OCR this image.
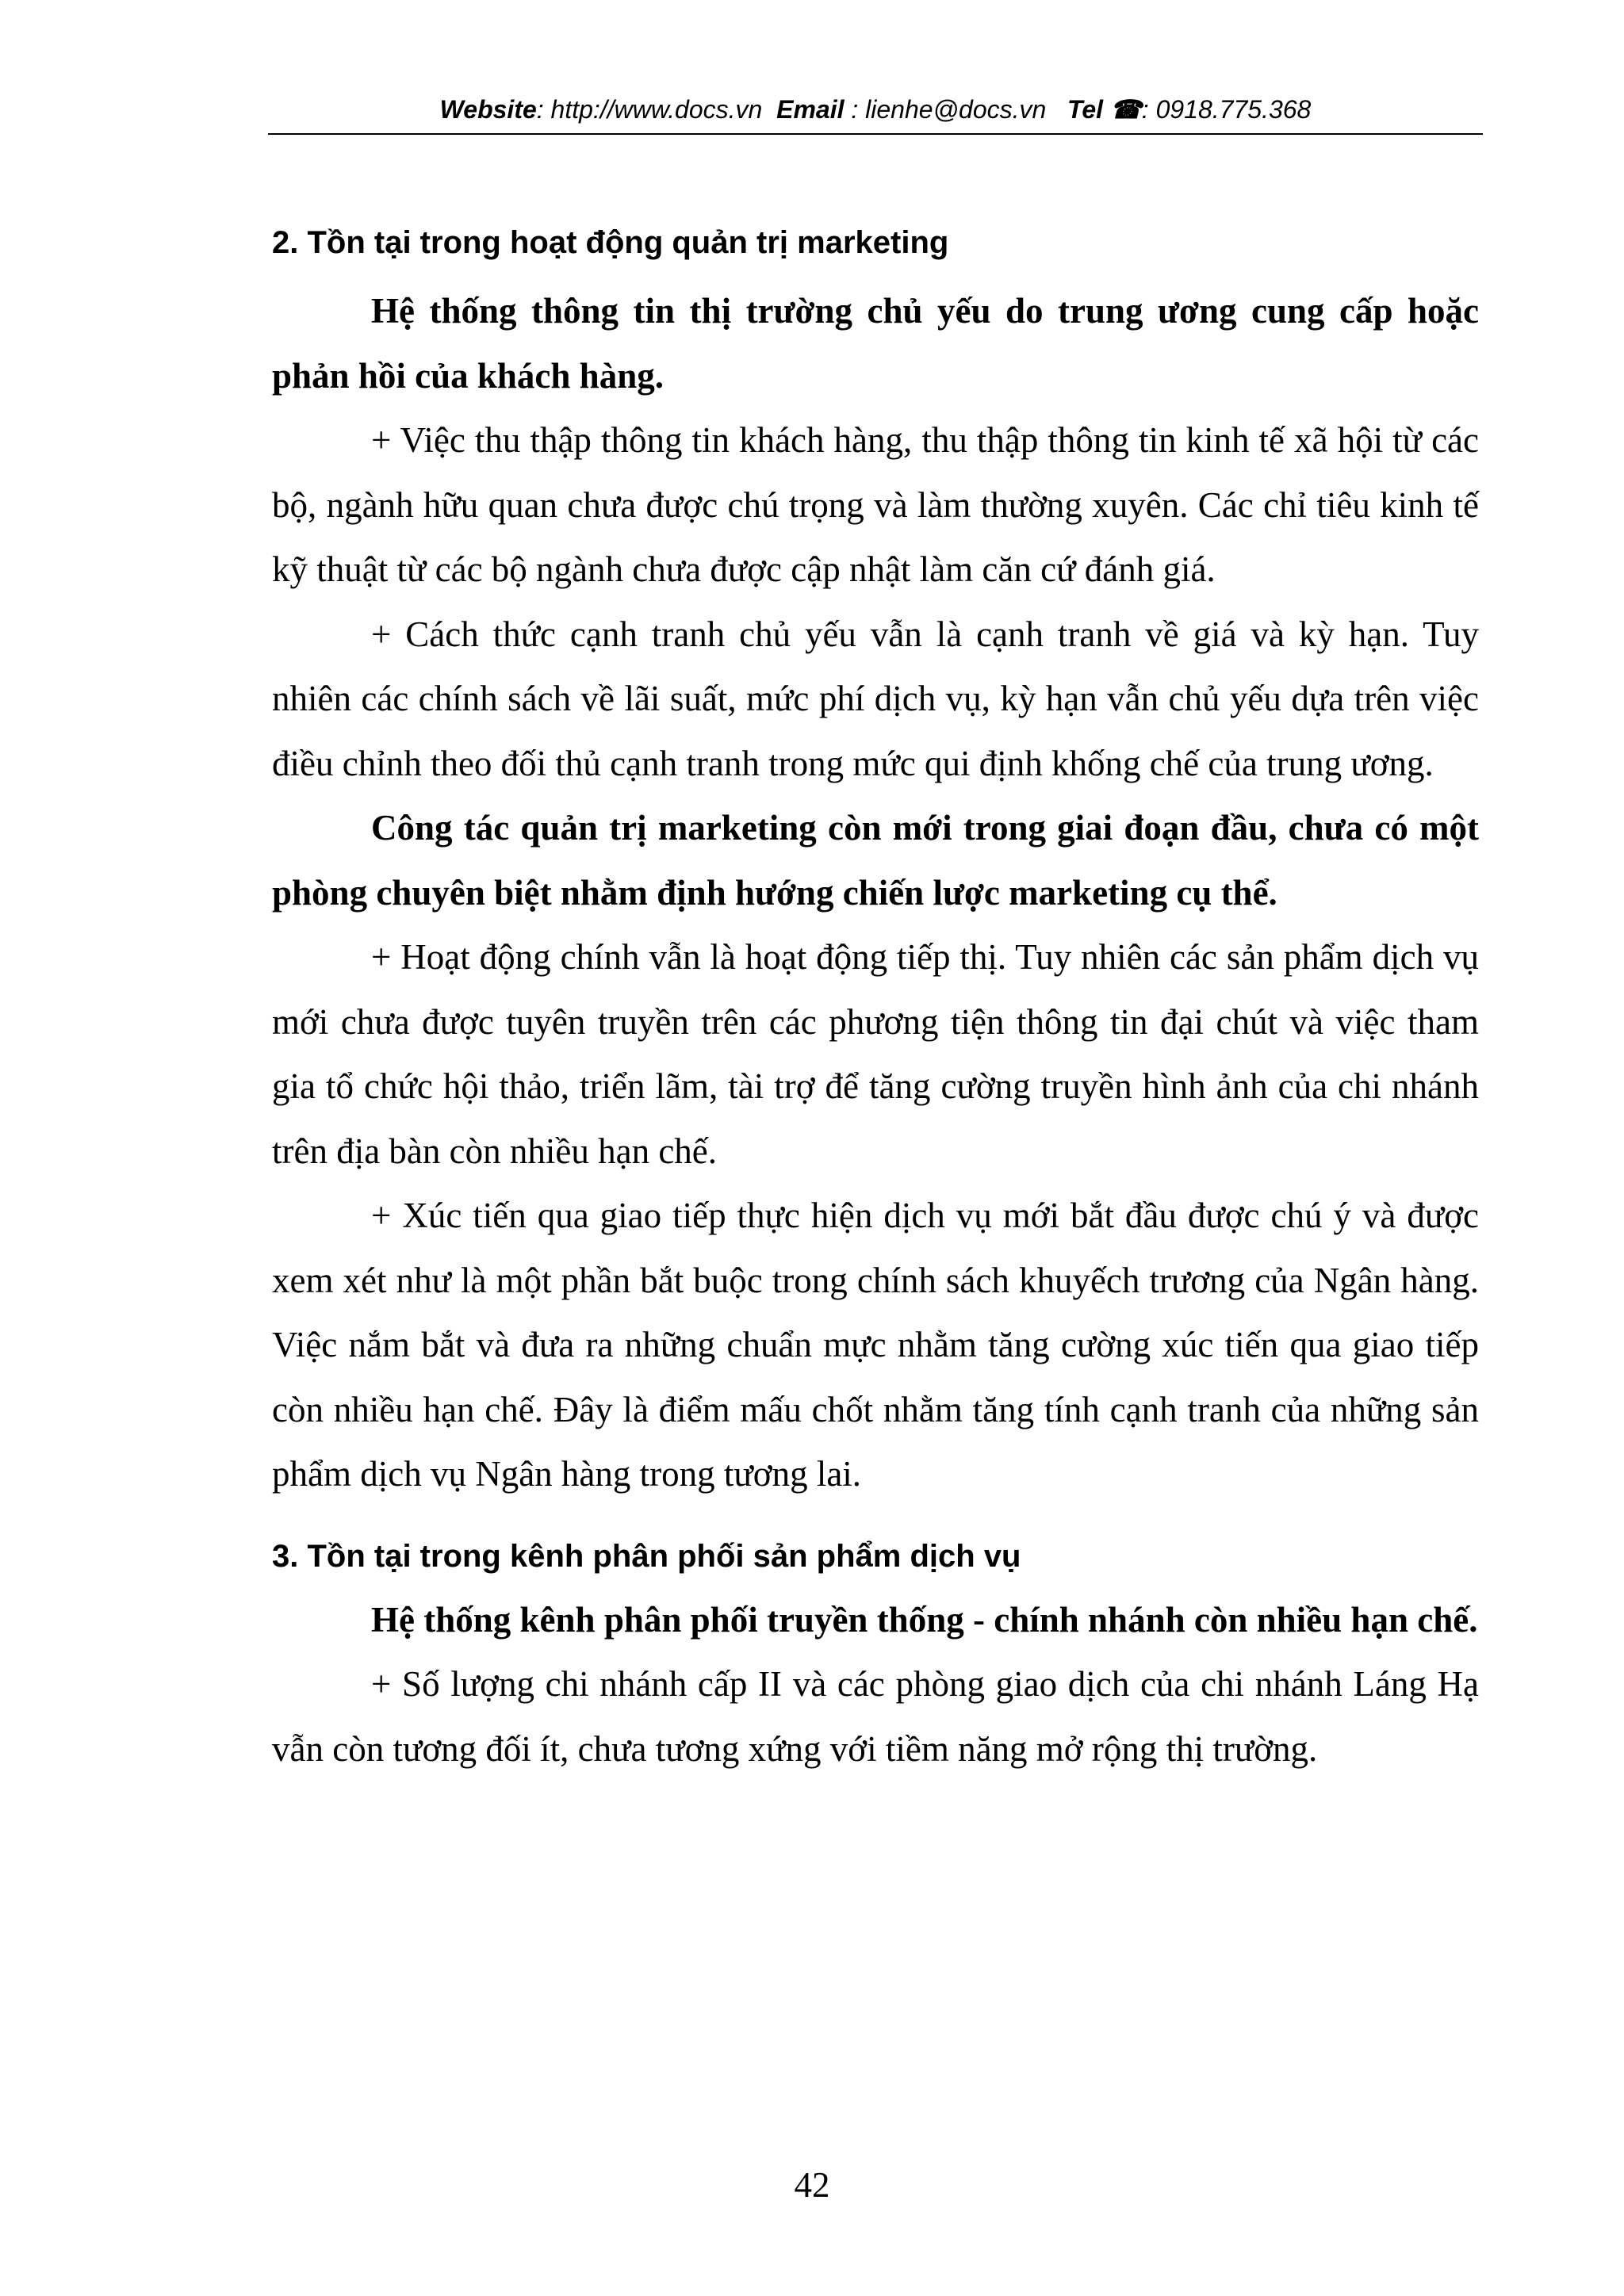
Website: http://www.docs.vn Email : lienhe@docs.vn Tel ☎: 0918.775.368
2. Tồn tại trong hoạt động quản trị marketing

Hệ thống thông tin thị trường chủ yếu do trung ương cung cấp hoặc phản hồi của khách hàng.

+ Việc thu thập thông tin khách hàng, thu thập thông tin kinh tế xã hội từ các bộ, ngành hữu quan chưa được chú trọng và làm thường xuyên. Các chỉ tiêu kinh tế kỹ thuật từ các bộ ngành chưa được cập nhật làm căn cứ đánh giá.

+ Cách thức cạnh tranh chủ yếu vẫn là cạnh tranh về giá và kỳ hạn. Tuy nhiên các chính sách về lãi suất, mức phí dịch vụ, kỳ hạn vẫn chủ yếu dựa trên việc điều chỉnh theo đối thủ cạnh tranh trong mức qui định khống chế của trung ương.

Công tác quản trị marketing còn mới trong giai đoạn đầu, chưa có một phòng chuyên biệt nhằm định hướng chiến lược marketing cụ thể.

+ Hoạt động chính vẫn là hoạt động tiếp thị. Tuy nhiên các sản phẩm dịch vụ mới chưa được tuyên truyền trên các phương tiện thông tin đại chút và việc tham gia tổ chức hội thảo, triển lãm, tài trợ để tăng cường truyền hình ảnh của chi nhánh trên địa bàn còn nhiều hạn chế.

+ Xúc tiến qua giao tiếp thực hiện dịch vụ mới bắt đầu được chú ý và được xem xét như là một phần bắt buộc trong chính sách khuyếch trương của Ngân hàng. Việc nắm bắt và đưa ra những chuẩn mực nhằm tăng cường xúc tiến qua giao tiếp còn nhiều hạn chế. Đây là điểm mấu chốt nhằm tăng tính cạnh tranh của những sản phẩm dịch vụ Ngân hàng trong tương lai.

3. Tồn tại trong kênh phân phối sản phẩm dịch vụ

Hệ thống kênh phân phối truyền thống - chính nhánh còn nhiều hạn chế.

+ Số lượng chi nhánh cấp II và các phòng giao dịch của chi nhánh Láng Hạ vẫn còn tương đối ít, chưa tương xứng với tiềm năng mở rộng thị trường.

42
